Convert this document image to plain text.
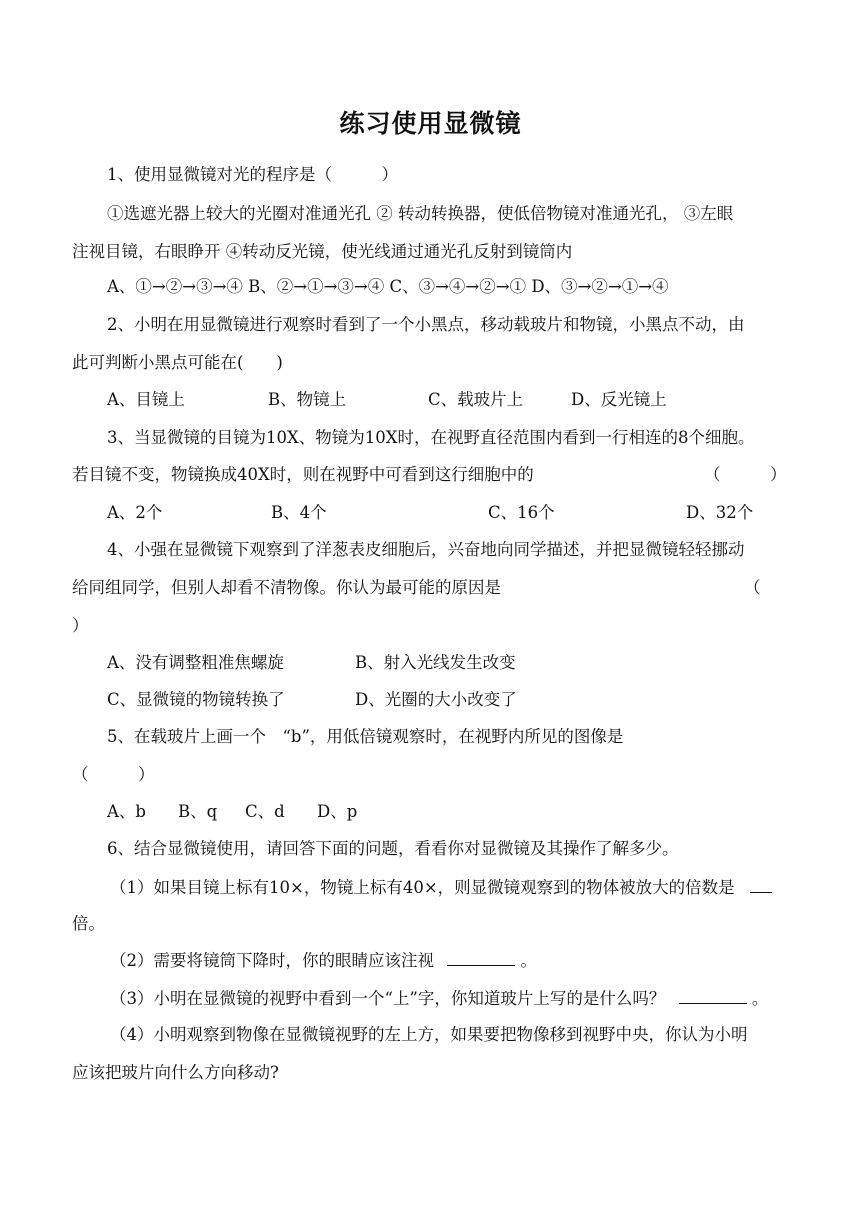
练习使用显微镜
1、使用显微镜对光的程序是（　　　）
①选遮光器上较大的光圈对准通光孔 ② 转动转换器，使低倍物镜对准通光孔， ③左眼
注视目镜，右眼睁开 ④转动反光镜，使光线通过通光孔反射到镜筒内
A、①→②→③→④ B、②→①→③→④ C、③→④→②→① D、③→②→①→④
2、小明在用显微镜进行观察时看到了一个小黑点，移动载玻片和物镜，小黑点不动，由
此可判断小黑点可能在(　　)
A、目镜上	B、物镜上	C、载玻片上	D、反光镜上
3、当显微镜的目镜为10X、物镜为10X时，在视野直径范围内看到一行相连的8个细胞。
若目镜不变，物镜换成40X时，则在视野中可看到这行细胞中的	（　　　）
A、2个	B、4个	C、16个	D、32个
4、小强在显微镜下观察到了洋葱表皮细胞后，兴奋地向同学描述，并把显微镜轻轻挪动
给同组同学，但别人却看不清物像。你认为最可能的原因是	（
）
A、没有调整粗准焦螺旋	B、射入光线发生改变
C、显微镜的物镜转换了	D、光圈的大小改变了
5、在载玻片上画一个　“b”，用低倍镜观察时，在视野内所见的图像是
（　　　）
A、b B、q C、d D、p
6、结合显微镜使用，请回答下面的问题，看看你对显微镜及其操作了解多少。
（1）如果目镜上标有10×，物镜上标有40×，则显微镜观察到的物体被放大的倍数是
倍。
（2）需要将镜筒下降时，你的眼睛应该注视	。
（3）小明在显微镜的视野中看到一个“上”字，你知道玻片上写的是什么吗？	。
（4）小明观察到物像在显微镜视野的左上方，如果要把物像移到视野中央，你认为小明
应该把玻片向什么方向移动?
